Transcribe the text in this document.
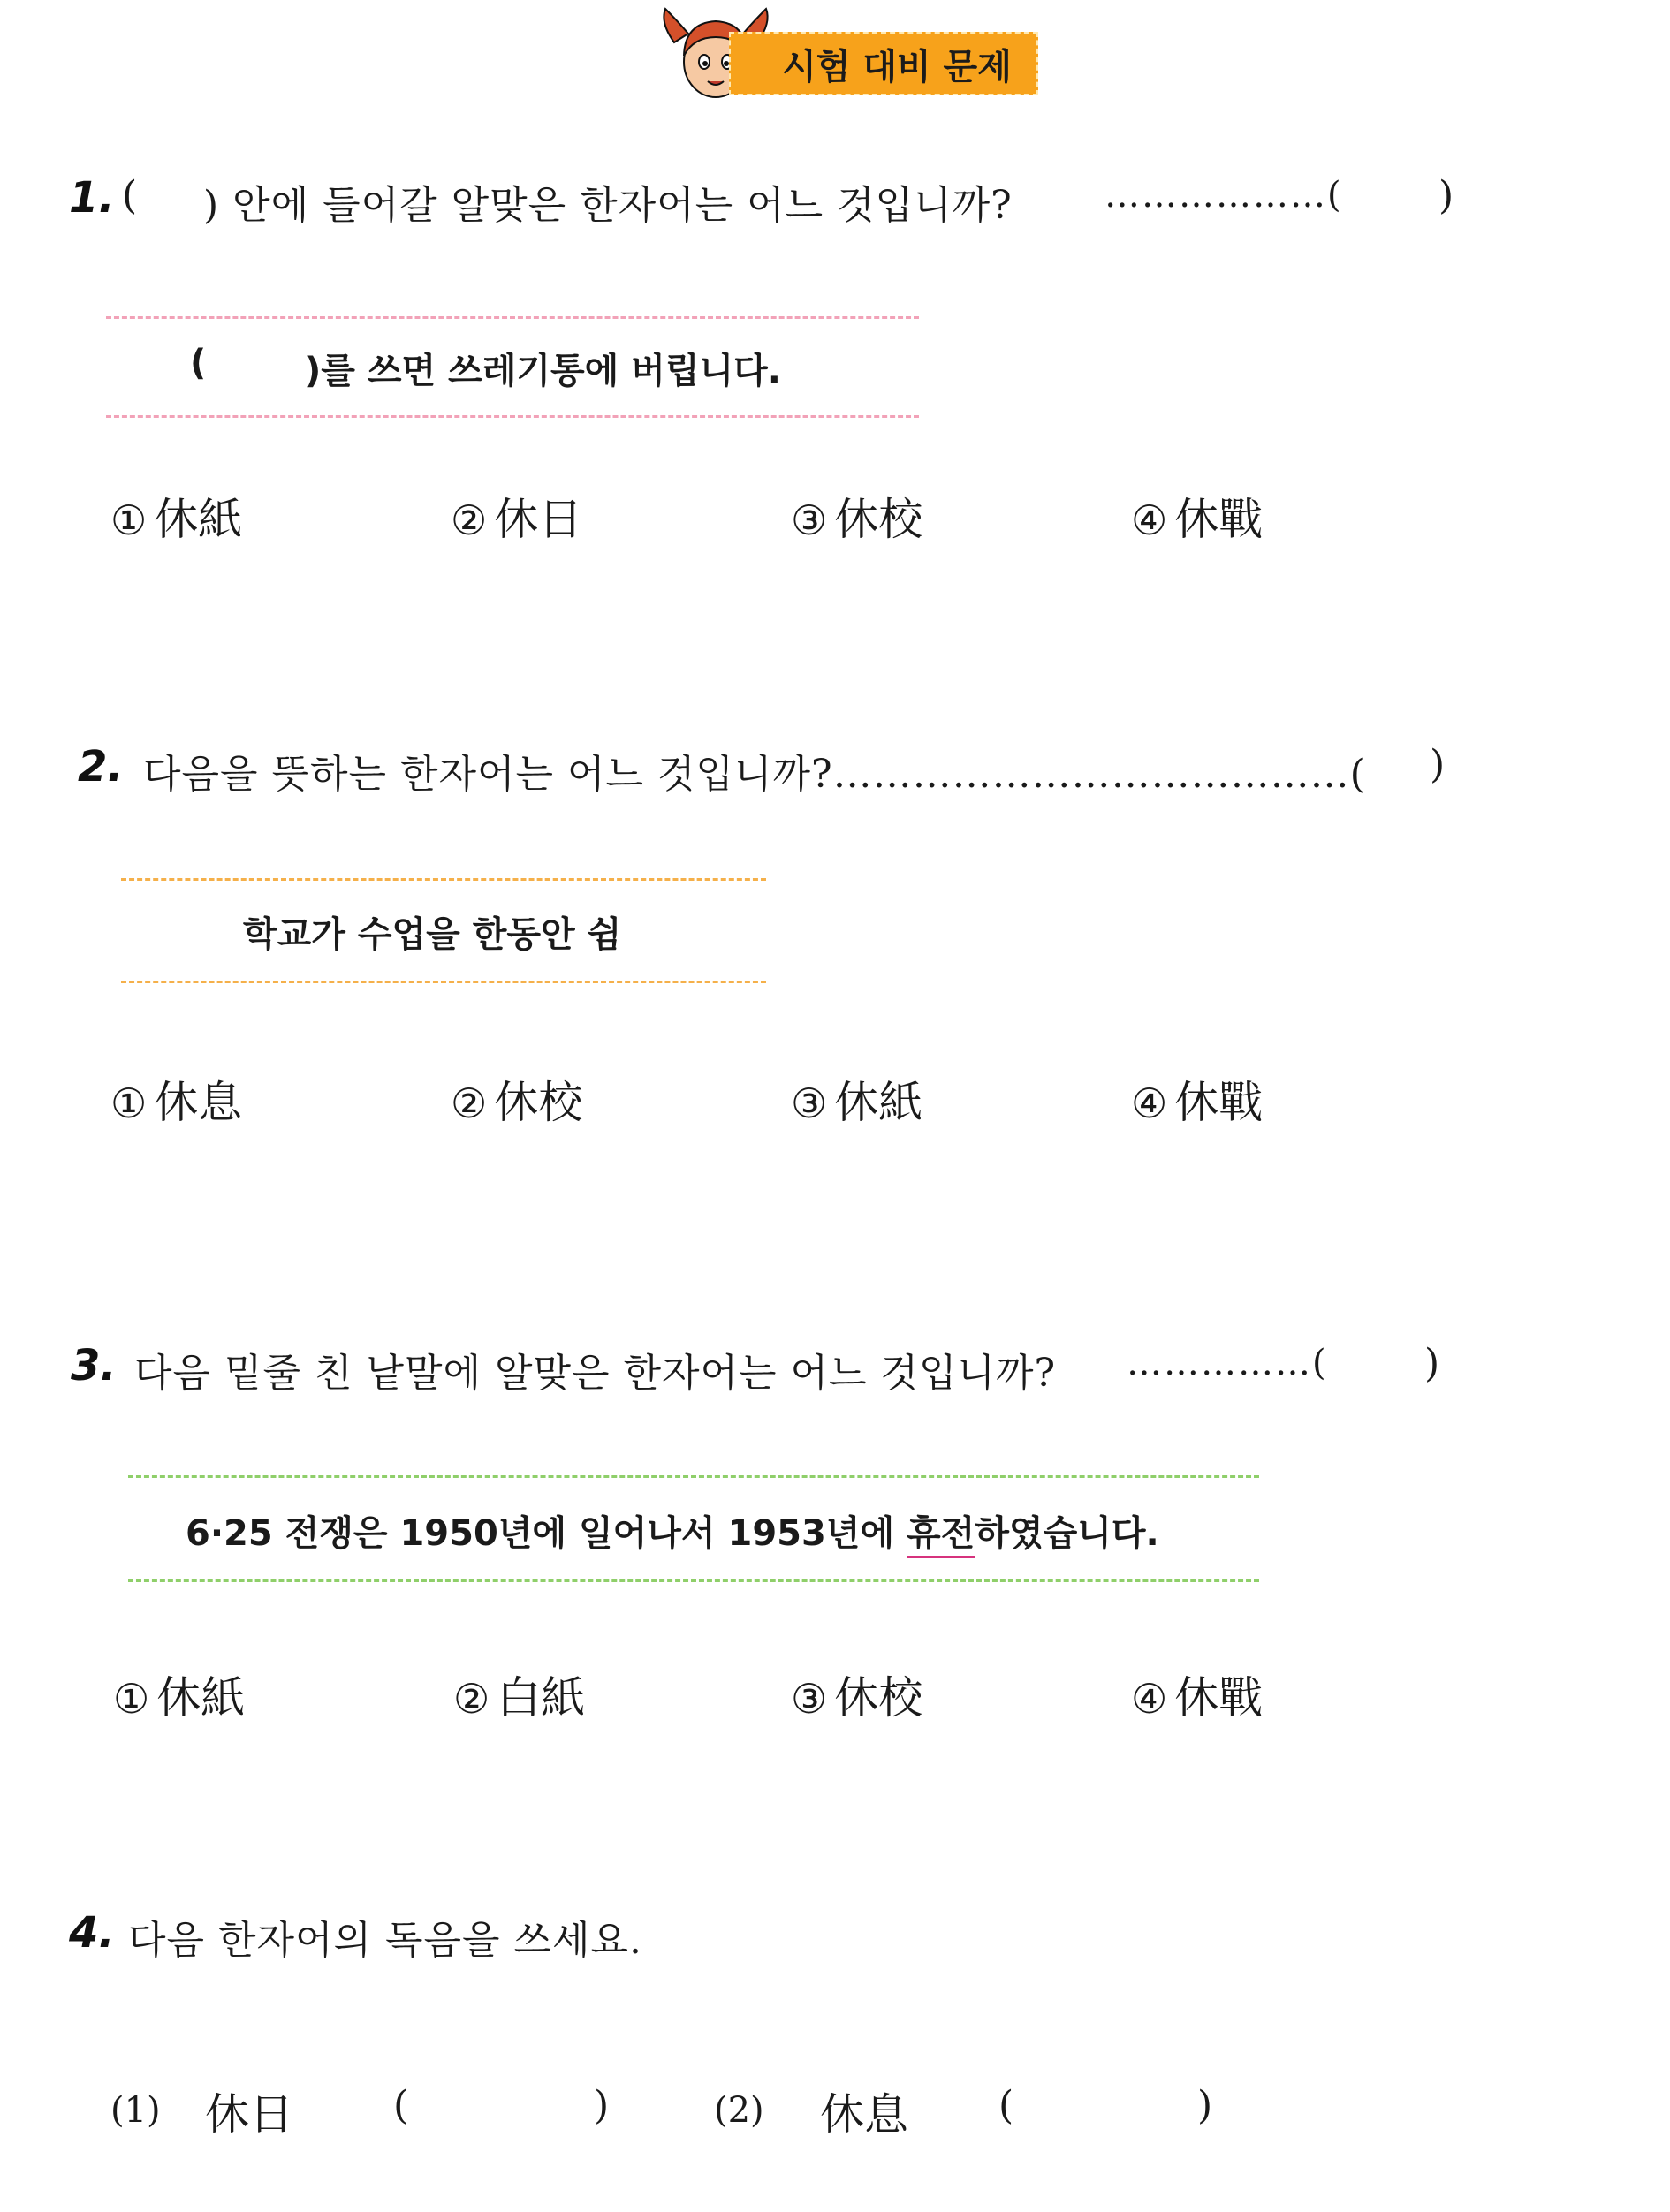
시험 대비 문제
1. ( ) 안에 들어갈 알맞은 한자어는 어느 것입니까?	………………( )
(	)를 쓰면 쓰레기통에 버립니다.
① 休紙	② 休日	③ 休校	④ 休戰
2. 다음을 뜻하는 한자어는 어느 것입니까?…………………………………( )
학교가 수업을 한동안 쉼
① 休息	② 休校	③ 休紙	④ 休戰
3. 다음 밑줄 친 낱말에 알맞은 한자어는 어느 것입니까? ……………( )
6·25 전쟁은 1950년에 일어나서 1953년에 휴전하였습니다.
① 休紙	② 白紙	③ 休校	④ 休戰
4. 다음 한자어의 독음을 쓰세요.
(1) 休日	(	)	(2) 休息 (	)
